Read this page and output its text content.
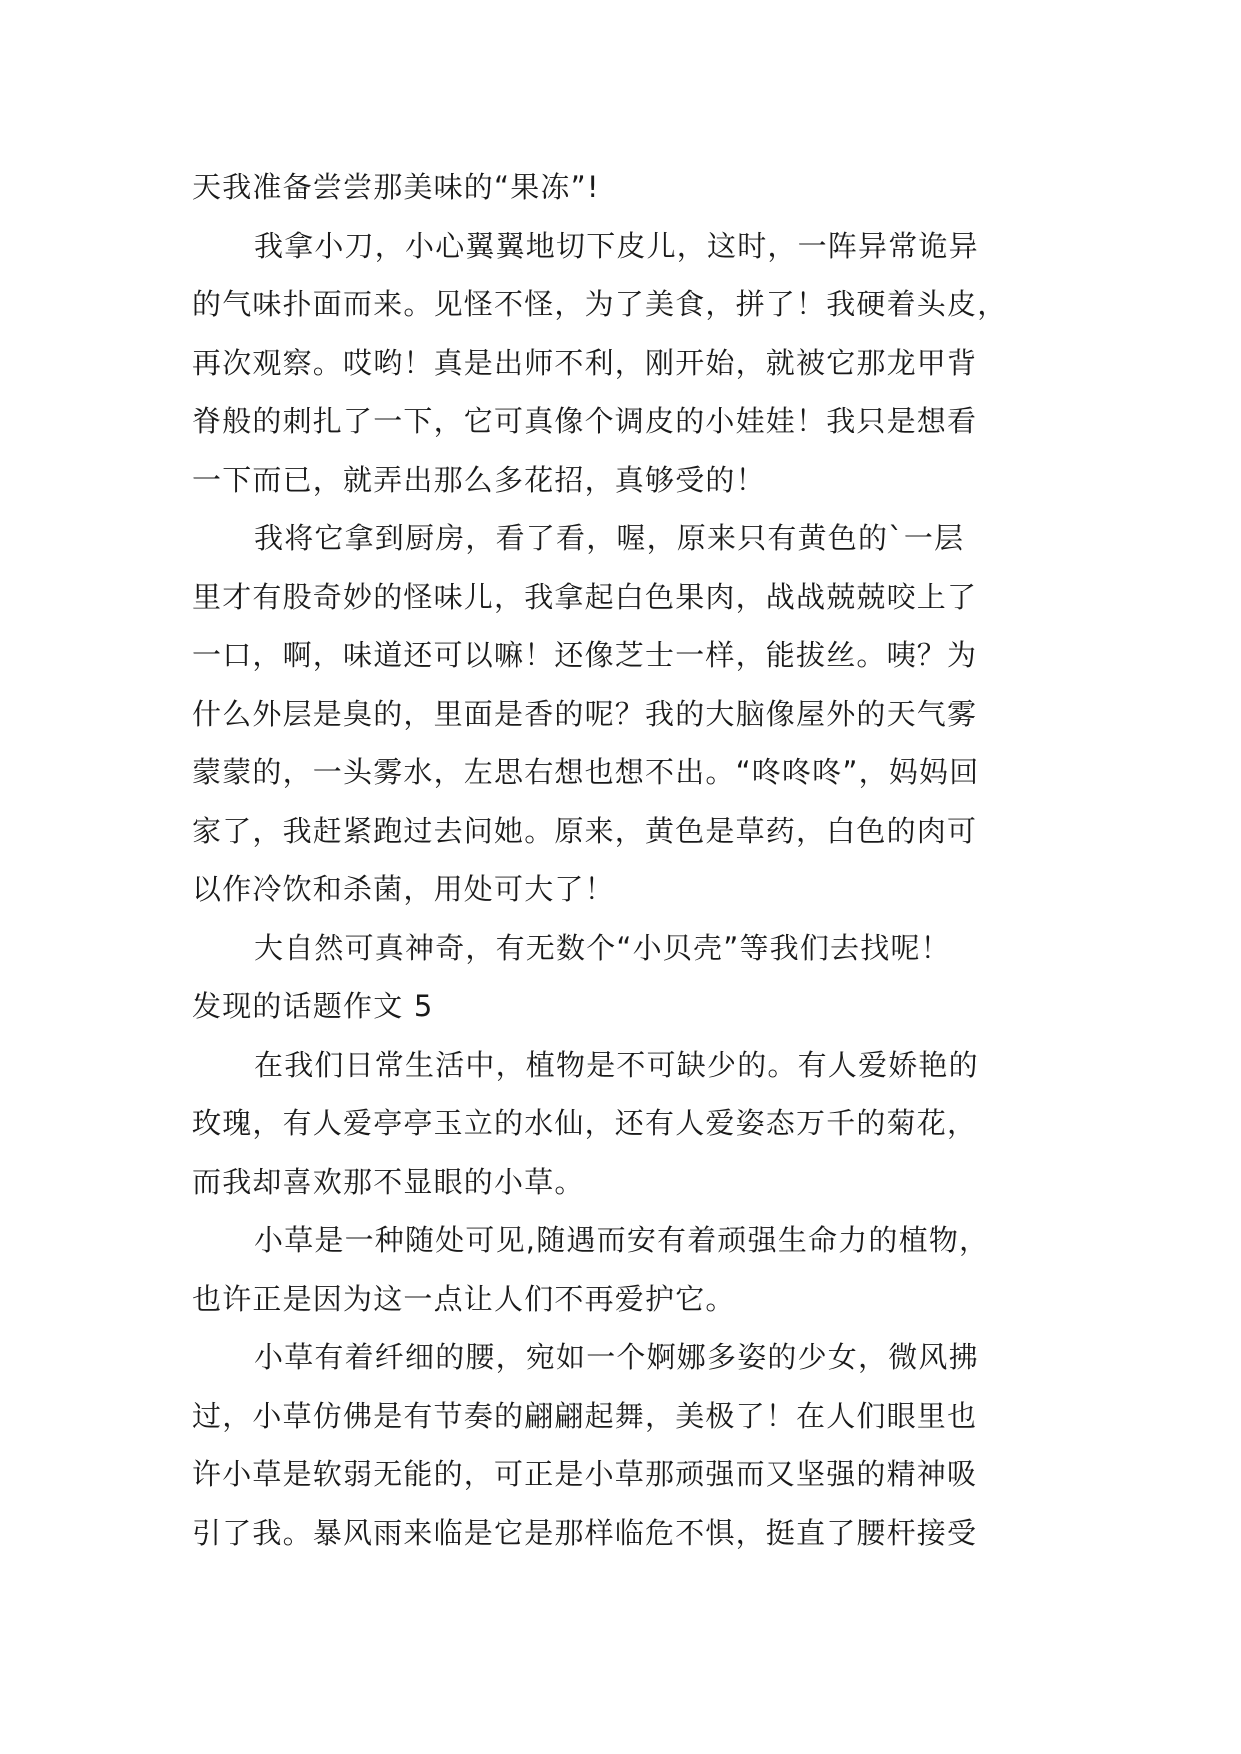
天我准备尝尝那美味的“果冻”!
我拿小刀，小心翼翼地切下皮儿，这时，一阵异常诡异
的气味扑面而来。见怪不怪，为了美食，拼了！我硬着头皮，
再次观察。哎哟！真是出师不利，刚开始，就被它那龙甲背
脊般的刺扎了一下，它可真像个调皮的小娃娃！我只是想看
一下而已，就弄出那么多花招，真够受的！
我将它拿到厨房，看了看，喔，原来只有黄色的`一层
里才有股奇妙的怪味儿，我拿起白色果肉，战战兢兢咬上了
一口，啊，味道还可以嘛！还像芝士一样，能拔丝。咦？为
什么外层是臭的，里面是香的呢？我的大脑像屋外的天气雾
蒙蒙的，一头雾水，左思右想也想不出。“咚咚咚”，妈妈回
家了，我赶紧跑过去问她。原来，黄色是草药，白色的肉可
以作冷饮和杀菌，用处可大了！
大自然可真神奇，有无数个“小贝壳”等我们去找呢！
发现的话题作文 5
在我们日常生活中，植物是不可缺少的。有人爱娇艳的
玫瑰，有人爱亭亭玉立的水仙，还有人爱姿态万千的菊花，
而我却喜欢那不显眼的小草。
小草是一种随处可见,随遇而安有着顽强生命力的植物，
也许正是因为这一点让人们不再爱护它。
小草有着纤细的腰，宛如一个婀娜多姿的少女，微风拂
过，小草仿佛是有节奏的翩翩起舞，美极了！在人们眼里也
许小草是软弱无能的，可正是小草那顽强而又坚强的精神吸
引了我。暴风雨来临是它是那样临危不惧，挺直了腰杆接受
